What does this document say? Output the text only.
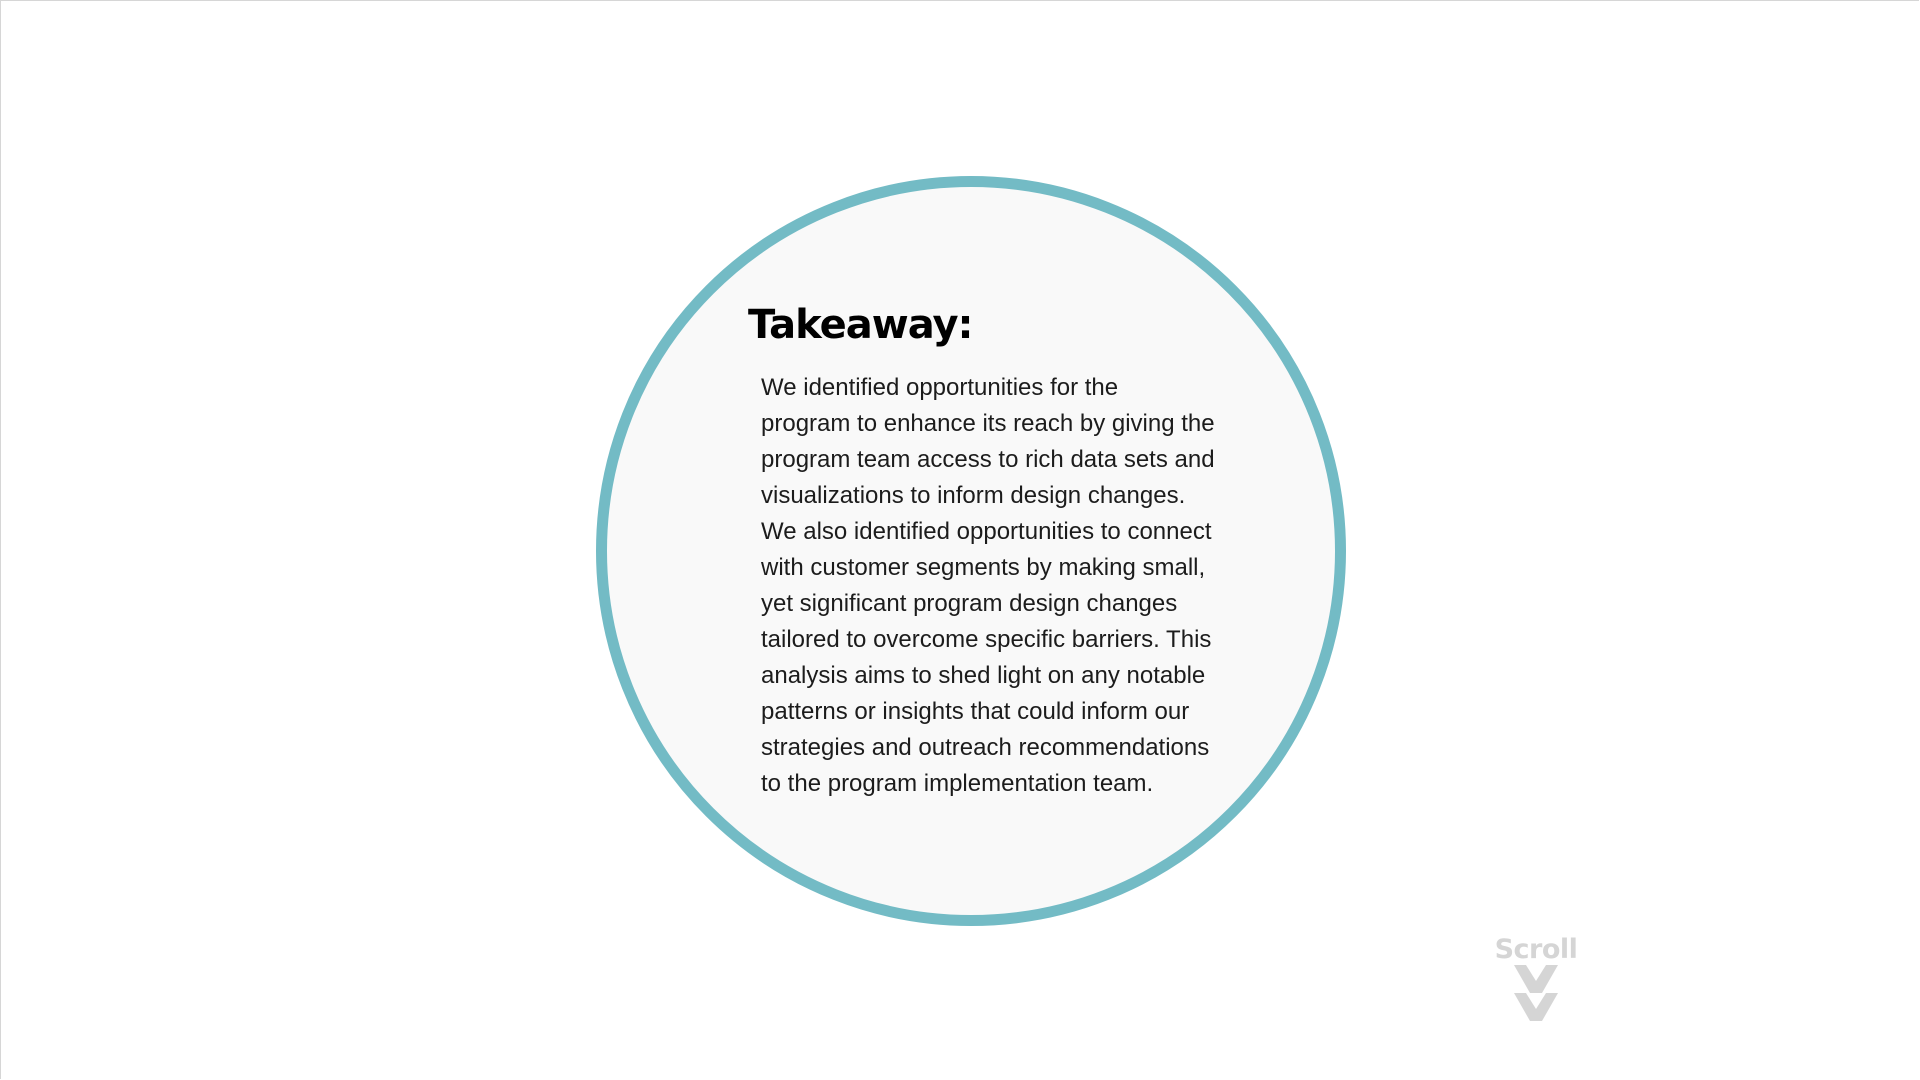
Takeaway:

We identified opportunities for the
program to enhance its reach by giving the
program team access to rich data sets and
visualizations to inform design changes.
We also identified opportunities to connect
with customer segments by making small,
yet significant program design changes
tailored to overcome specific barriers. This
analysis aims to shed light on any notable
patterns or insights that could inform our
strategies and outreach recommendations
to the program implementation team.

Scroll
